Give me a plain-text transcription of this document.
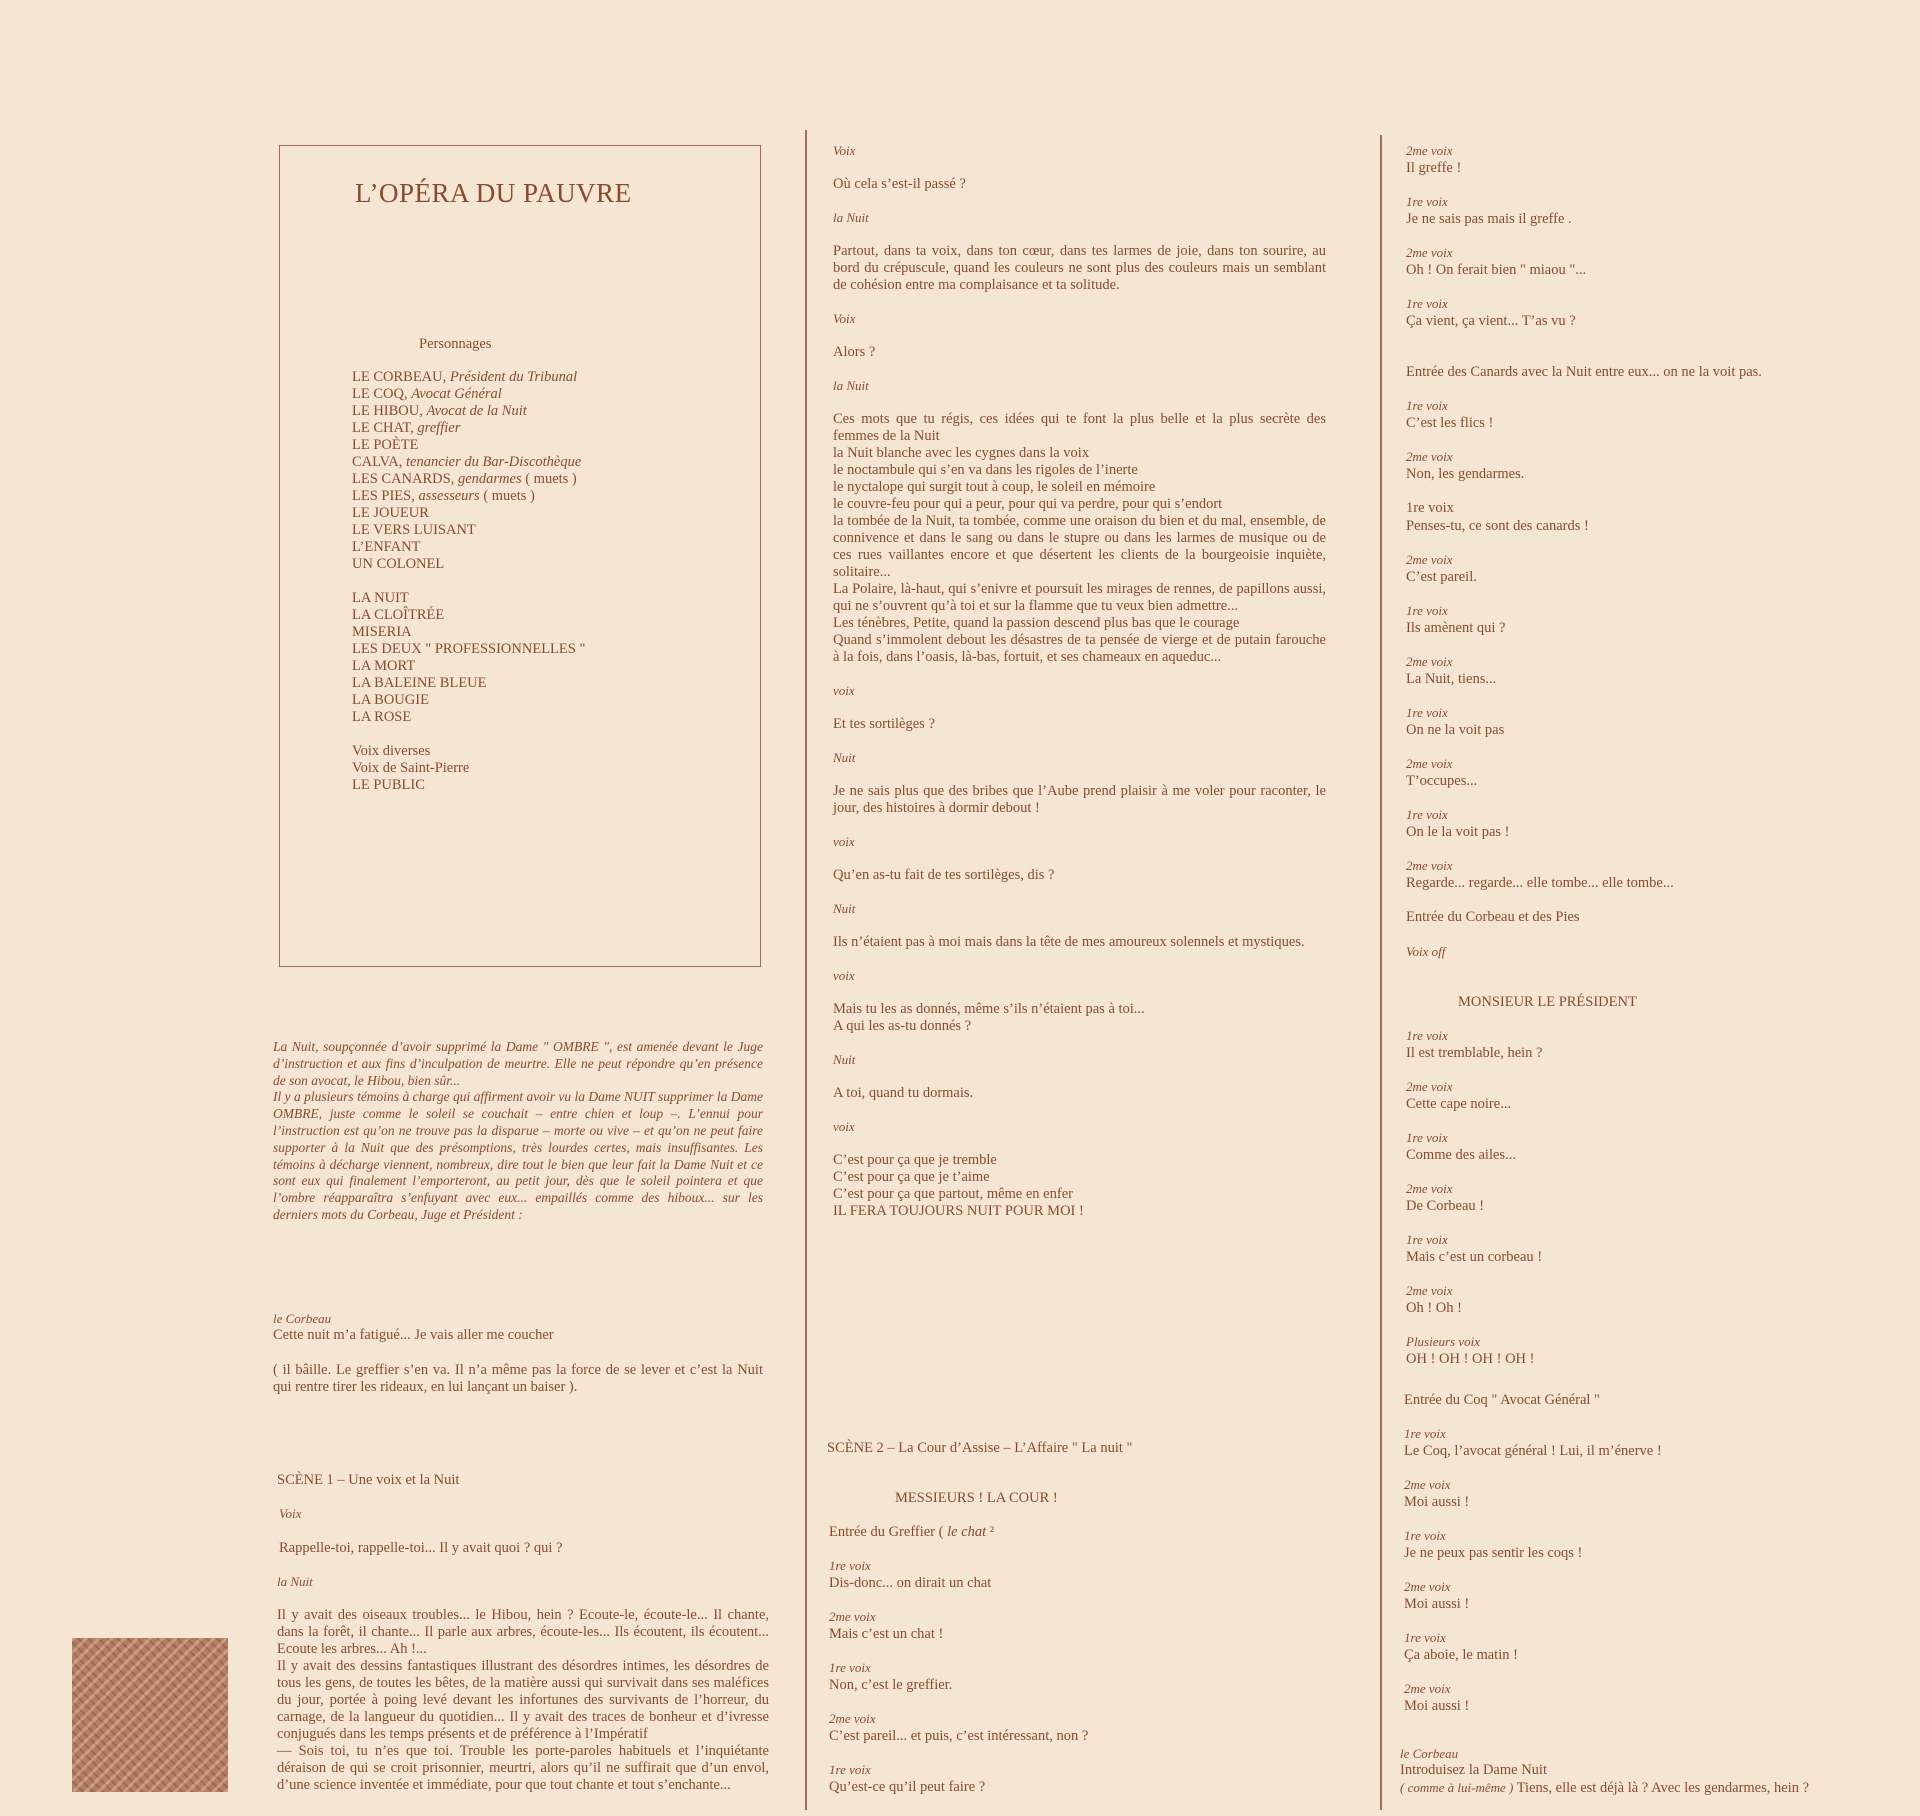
L’OPÉRA DU PAUVRE
Personnages
LE CORBEAU, Président du Tribunal
LE COQ, Avocat Général
LE HIBOU, Avocat de la Nuit
LE CHAT, greffier
LE POÈTE
CALVA, tenancier du Bar-Discothèque
LES CANARDS, gendarmes ( muets )
LES PIES, assesseurs ( muets )
LE JOUEUR
LE VERS LUISANT
L’ENFANT
UN COLONEL
LA NUIT
LA CLOÎTRÉE
MISERIA
LES DEUX " PROFESSIONNELLES "
LA MORT
LA BALEINE BLEUE
LA BOUGIE
LA ROSE
Voix diverses
Voix de Saint-Pierre
LE PUBLIC
La Nuit, soupçonnée d’avoir supprimé la Dame " OMBRE ", est amenée devant le Juge d’instruction et aux fins d’inculpation de meurtre. Elle ne peut répondre qu’en présence de son avocat, le Hibou, bien sûr...
Il y a plusieurs témoins à charge qui affirment avoir vu la Dame NUIT supprimer la Dame OMBRE, juste comme le soleil se couchait – entre chien et loup –. L’ennui pour l’instruction est qu’on ne trouve pas la disparue – morte ou vive – et qu’on ne peut faire supporter à la Nuit que des présomptions, très lourdes certes, mais insuffisantes. Les témoins à décharge viennent, nombreux, dire tout le bien que leur fait la Dame Nuit et ce sont eux qui finalement l’emporteront, au petit jour, dès que le soleil pointera et que l’ombre réapparaîtra s’enfuyant avec eux... empaillés comme des hiboux... sur les derniers mots du Corbeau, Juge et Président :
le Corbeau
Cette nuit m’a fatigué... Je vais aller me coucher
( il bâille. Le greffier s’en va. Il n’a même pas la force de se lever et c’est la Nuit qui rentre tirer les rideaux, en lui lançant un baiser ).
SCÈNE 1 – Une voix et la Nuit
Voix
Rappelle-toi, rappelle-toi... Il y avait quoi ? qui ?
la Nuit
Il y avait des oiseaux troubles... le Hibou, hein ? Ecoute-le, écoute-le... Il chante, dans la forêt, il chante... Il parle aux arbres, écoute-les... Ils écoutent, ils écoutent... Ecoute les arbres... Ah !...
Il y avait des dessins fantastiques illustrant des désordres intimes, les désordres de tous les gens, de toutes les bêtes, de la matière aussi qui survivait dans ses maléfices du jour, portée à poing levé devant les infortunes des survivants de l’horreur, du carnage, de la langueur du quotidien... Il y avait des traces de bonheur et d’ivresse conjugués dans les temps présents et de préférence à l’Impératif
— Sois toi, tu n’es que toi. Trouble les porte-paroles habituels et l’inquiétante déraison de qui se croit prisonnier, meurtri, alors qu’il ne suffirait que d’un envol, d’une science inventée et immédiate, pour que tout chante et tout s’enchante...
Voix
Où cela s’est-il passé ?
la Nuit
Partout, dans ta voix, dans ton cœur, dans tes larmes de joie, dans ton sourire, au bord du crépuscule, quand les couleurs ne sont plus des couleurs mais un semblant de cohésion entre ma complaisance et ta solitude.
Voix
Alors ?
la Nuit
Ces mots que tu régis, ces idées qui te font la plus belle et la plus secrète des femmes de la Nuit
la Nuit blanche avec les cygnes dans la voix
le noctambule qui s’en va dans les rigoles de l’inerte
le nyctalope qui surgit tout à coup, le soleil en mémoire
le couvre-feu pour qui a peur, pour qui va perdre, pour qui s’endort
la tombée de la Nuit, ta tombée, comme une oraison du bien et du mal, ensemble, de connivence et dans le sang ou dans le stupre ou dans les larmes de musique ou de ces rues vaillantes encore et que désertent les clients de la bourgeoisie inquiète, solitaire...
La Polaire, là-haut, qui s’enivre et poursuit les mirages de rennes, de papillons aussi, qui ne s’ouvrent qu’à toi et sur la flamme que tu veux bien admettre...
Les ténèbres, Petite, quand la passion descend plus bas que le courage
Quand s’immolent debout les désastres de ta pensée de vierge et de putain farouche à la fois, dans l’oasis, là-bas, fortuit, et ses chameaux en aqueduc...
voix
Et tes sortilèges ?
Nuit
Je ne sais plus que des bribes que l’Aube prend plaisir à me voler pour raconter, le jour, des histoires à dormir debout !
voix
Qu’en as-tu fait de tes sortilèges, dis ?
Nuit
Ils n’étaient pas à moi mais dans la tête de mes amoureux solennels et mystiques.
voix
Mais tu les as donnés, même s’ils n’étaient pas à toi...
A qui les as-tu donnés ?
Nuit
A toi, quand tu dormais.
voix
C’est pour ça que je tremble
C’est pour ça que je t’aime
C’est pour ça que partout, même en enfer
IL FERA TOUJOURS NUIT POUR MOI !
SCÈNE 2 – La Cour d’Assise – L’Affaire " La nuit "
MESSIEURS ! LA COUR !
Entrée du Greffier ( le chat ²
1re voix
Dis-donc... on dirait un chat
2me voix
Mais c’est un chat !
1re voix
Non, c’est le greffier.
2me voix
C’est pareil... et puis, c’est intéressant, non ?
1re voix
Qu’est-ce qu’il peut faire ?
2me voix
Il greffe !
1re voix
Je ne sais pas mais il greffe .
2me voix
Oh ! On ferait bien " miaou "...
1re voix
Ça vient, ça vient... T’as vu ?
Entrée des Canards avec la Nuit entre eux... on ne la voit pas.
1re voix
C’est les flics !
2me voix
Non, les gendarmes.
1re voix
Penses-tu, ce sont des canards !
2me voix
C’est pareil.
1re voix
Ils amènent qui ?
2me voix
La Nuit, tiens...
1re voix
On ne la voit pas
2me voix
T’occupes...
1re voix
On le la voit pas !
2me voix
Regarde... regarde... elle tombe... elle tombe...
Entrée du Corbeau et des Pies
Voix off
MONSIEUR LE PRÉSIDENT
1re voix
Il est tremblable, hein ?
2me voix
Cette cape noire...
1re voix
Comme des ailes...
2me voix
De Corbeau !
1re voix
Mais c’est un corbeau !
2me voix
Oh ! Oh !
Plusieurs voix
OH ! OH ! OH ! OH !
Entrée du Coq " Avocat Général "
1re voix
Le Coq, l’avocat général ! Lui, il m’énerve !
2me voix
Moi aussi !
1re voix
Je ne peux pas sentir les coqs !
2me voix
Moi aussi !
1re voix
Ça aboie, le matin !
2me voix
Moi aussi !
le Corbeau
Introduisez la Dame Nuit
( comme à lui-même ) Tiens, elle est déjà là ? Avec les gendarmes, hein ?
